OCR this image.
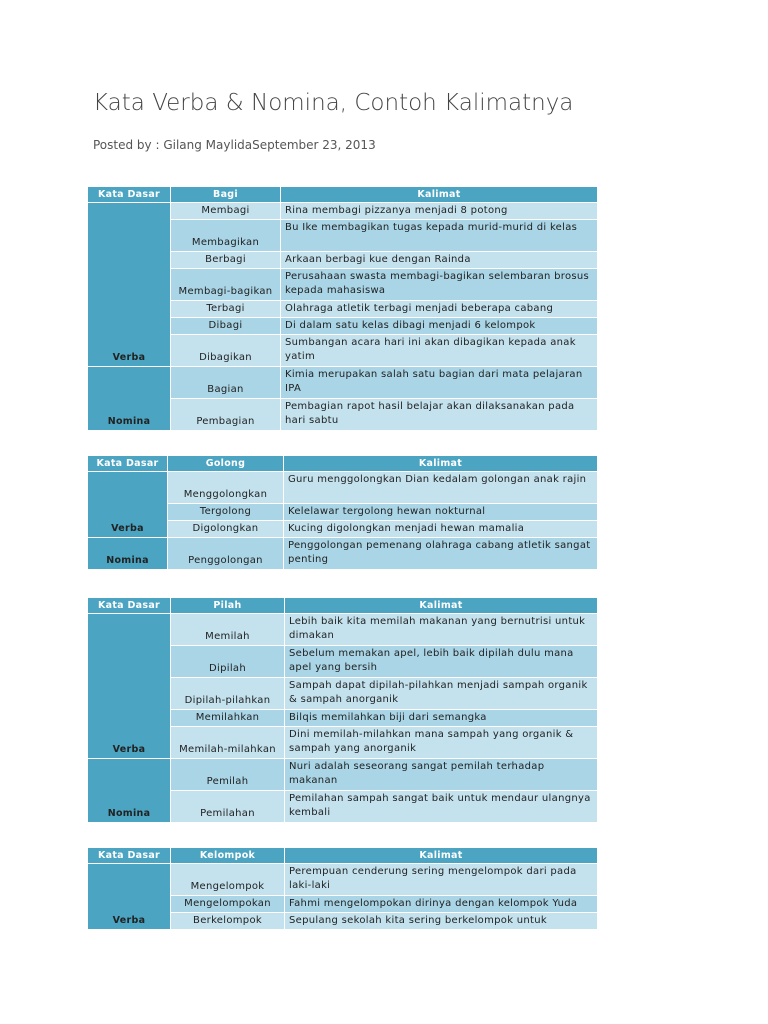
Kata Verba & Nomina, Contoh Kalimatnya
Posted by : Gilang MaylidaSeptember 23, 2013
Kata Dasar	Bagi	Kalimat
Verba	Membagi	Rina membagi pizzanya menjadi 8 potong
	Membagikan	Bu Ike membagikan tugas kepada murid-murid di kelas
	Berbagi	Arkaan berbagi kue dengan Rainda
	Membagi-bagikan	Perusahaan swasta membagi-bagikan selembaran brosus kepada mahasiswa
	Terbagi	Olahraga atletik terbagi menjadi beberapa cabang
	Dibagi	Di dalam satu kelas dibagi menjadi 6 kelompok
	Dibagikan	Sumbangan acara hari ini akan dibagikan kepada anak yatim
Nomina	Bagian	Kimia merupakan salah satu bagian dari mata pelajaran IPA
	Pembagian	Pembagian rapot hasil belajar akan dilaksanakan pada hari sabtu
Kata Dasar	Golong	Kalimat
Verba	Menggolongkan	Guru menggolongkan Dian kedalam golongan anak rajin
	Tergolong	Kelelawar tergolong hewan nokturnal
	Digolongkan	Kucing digolongkan menjadi hewan mamalia
Nomina	Penggolongan	Penggolongan pemenang olahraga cabang atletik sangat penting
Kata Dasar	Pilah	Kalimat
Verba	Memilah	Lebih baik kita memilah makanan yang bernutrisi untuk dimakan
	Dipilah	Sebelum memakan apel, lebih baik dipilah dulu mana apel yang bersih
	Dipilah-pilahkan	Sampah dapat dipilah-pilahkan menjadi sampah organik & sampah anorganik
	Memilahkan	Bilqis memilahkan biji dari semangka
	Memilah-milahkan	Dini memilah-milahkan mana sampah yang organik & sampah yang anorganik
Nomina	Pemilah	Nuri adalah seseorang sangat pemilah terhadap makanan
	Pemilahan	Pemilahan sampah sangat baik untuk mendaur ulangnya kembali
Kata Dasar	Kelompok	Kalimat
Verba	Mengelompok	Perempuan cenderung sering mengelompok dari pada laki-laki
	Mengelompokan	Fahmi mengelompokan dirinya dengan kelompok Yuda
	Berkelompok	Sepulang sekolah kita sering berkelompok untuk
